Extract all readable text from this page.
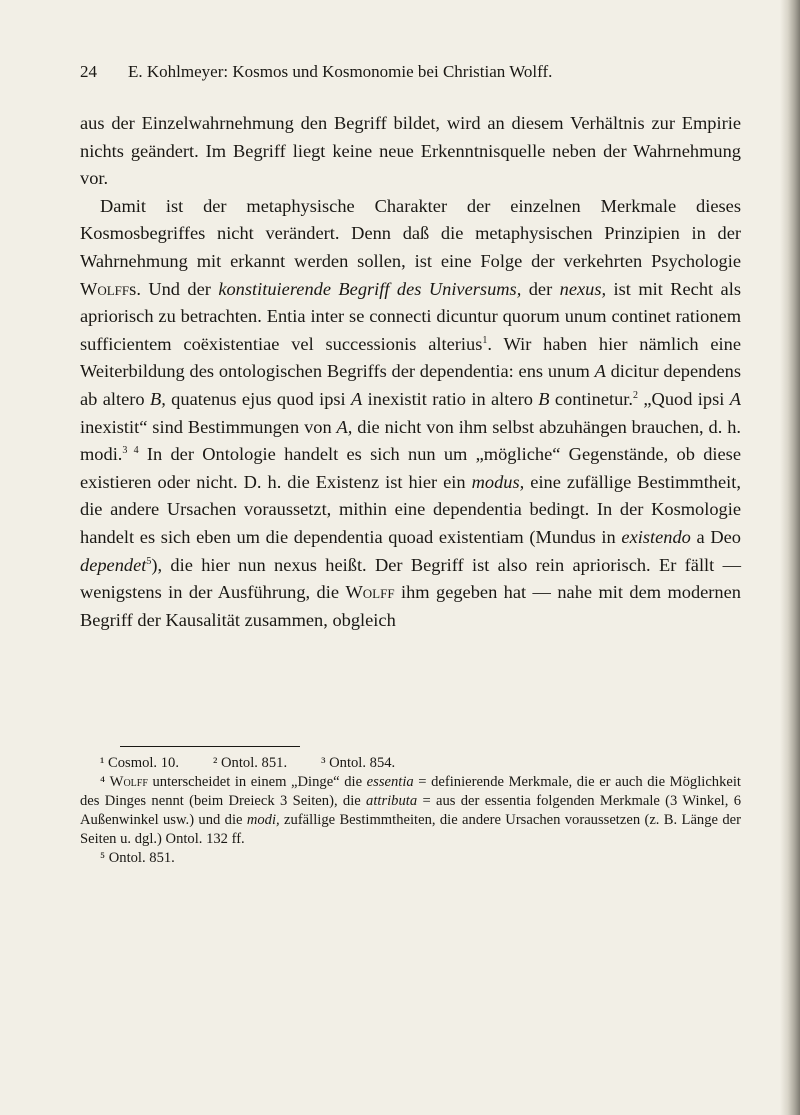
24 E. Kohlmeyer: Kosmos und Kosmonomie bei Christian Wolff.

aus der Einzelwahrnehmung den Begriff bildet, wird an diesem Verhältnis zur Empirie nichts geändert. Im Begriff liegt keine neue Erkenntnisquelle neben der Wahrnehmung vor.

Damit ist der metaphysische Charakter der einzelnen Merkmale dieses Kosmosbegriffes nicht verändert. Denn daß die metaphysischen Prinzipien in der Wahrnehmung mit erkannt werden sollen, ist eine Folge der verkehrten Psychologie Wolffs. Und der konstituierende Begriff des Universums, der nexus, ist mit Recht als apriorisch zu betrachten. Entia inter se connecti dicuntur quorum unum continet rationem sufficientem coëxistentiae vel successionis alterius$^1$. Wir haben hier nämlich eine Weiterbildung des ontologischen Begriffs der dependentia: ens unum A dicitur dependens ab altero B, quatenus ejus quod ipsi A inexistit ratio in altero B continetur.$^2$ „Quod ipsi A inexistit“ sind Bestimmungen von A, die nicht von ihm selbst abzuhängen brauchen, d. h. modi.$^{3 4}$ In der Ontologie handelt es sich nun um „mögliche“ Gegenstände, ob diese existieren oder nicht. D. h. die Existenz ist hier ein modus, eine zufällige Bestimmtheit, die andere Ursachen voraussetzt, mithin eine dependentia bedingt. In der Kosmologie handelt es sich eben um die dependentia quoad existentiam (Mundus in existendo a Deo dependet$^5$), die hier nun nexus heißt. Der Begriff ist also rein apriorisch. Er fällt — wenigstens in der Ausführung, die Wolff ihm gegeben hat — nahe mit dem modernen Begriff der Kausalität zusammen, obgleich

¹ Cosmol. 10. ² Ontol. 851. ³ Ontol. 854.

⁴ Wolff unterscheidet in einem „Dinge“ die essentia = definierende Merkmale, die er auch die Möglichkeit des Dinges nennt (beim Dreieck 3 Seiten), die attributa = aus der essentia folgenden Merkmale (3 Winkel, 6 Außenwinkel usw.) und die modi, zufällige Bestimmtheiten, die andere Ursachen voraussetzen (z. B. Länge der Seiten u. dgl.) Ontol. 132 ff.

⁵ Ontol. 851.
